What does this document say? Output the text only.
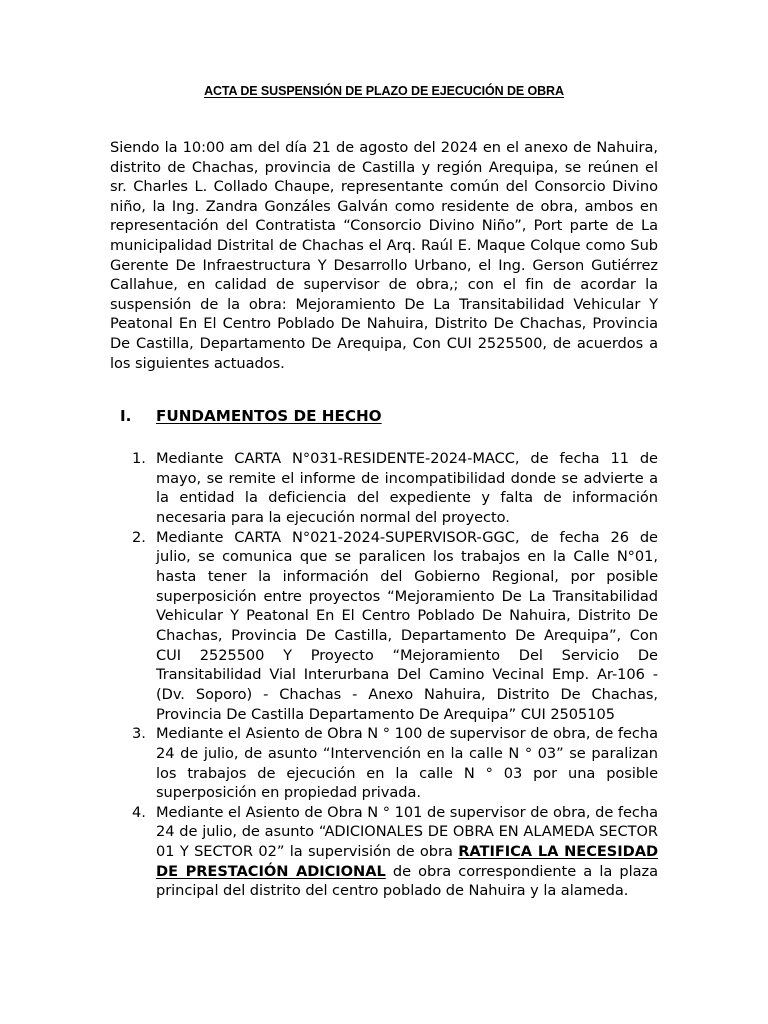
ACTA DE SUSPENSIÓN DE PLAZO DE EJECUCIÓN DE OBRA
Siendo la 10:00 am del día 21 de agosto del 2024 en el anexo de Nahuira, distrito de Chachas, provincia de Castilla y región Arequipa, se reúnen el sr. Charles L. Collado Chaupe, representante común del Consorcio Divino niño, la Ing. Zandra Gonzáles Galván como residente de obra, ambos en representación del Contratista “Consorcio Divino Niño”, Port parte de La municipalidad Distrital de Chachas el Arq. Raúl E. Maque Colque como Sub Gerente De Infraestructura Y Desarrollo Urbano, el Ing. Gerson Gutiérrez Callahue, en calidad de supervisor de obra,; con el fin de acordar la suspensión de la obra: Mejoramiento De La Transitabilidad Vehicular Y Peatonal En El Centro Poblado De Nahuira, Distrito De Chachas, Provincia De Castilla, Departamento De Arequipa, Con CUI 2525500, de acuerdos a los siguientes actuados.
I. FUNDAMENTOS DE HECHO
1. Mediante CARTA N°031-RESIDENTE-2024-MACC, de fecha 11 de mayo, se remite el informe de incompatibilidad donde se advierte a la entidad la deficiencia del expediente y falta de información necesaria para la ejecución normal del proyecto.
2. Mediante CARTA N°021-2024-SUPERVISOR-GGC, de fecha 26 de julio, se comunica que se paralicen los trabajos en la Calle N°01, hasta tener la información del Gobierno Regional, por posible superposición entre proyectos “Mejoramiento De La Transitabilidad Vehicular Y Peatonal En El Centro Poblado De Nahuira, Distrito De Chachas, Provincia De Castilla, Departamento De Arequipa”, Con CUI 2525500 Y Proyecto “Mejoramiento Del Servicio De Transitabilidad Vial Interurbana Del Camino Vecinal Emp. Ar-106 - (Dv. Soporo) - Chachas - Anexo Nahuira, Distrito De Chachas, Provincia De Castilla Departamento De Arequipa” CUI 2505105
3. Mediante el Asiento de Obra N ° 100 de supervisor de obra, de fecha 24 de julio, de asunto “Intervención en la calle N ° 03” se paralizan los trabajos de ejecución en la calle N ° 03 por una posible superposición en propiedad privada.
4. Mediante el Asiento de Obra N ° 101 de supervisor de obra, de fecha 24 de julio, de asunto “ADICIONALES DE OBRA EN ALAMEDA SECTOR 01 Y SECTOR 02” la supervisión de obra RATIFICA LA NECESIDAD DE PRESTACIÓN ADICIONAL de obra correspondiente a la plaza principal del distrito del centro poblado de Nahuira y la alameda.
